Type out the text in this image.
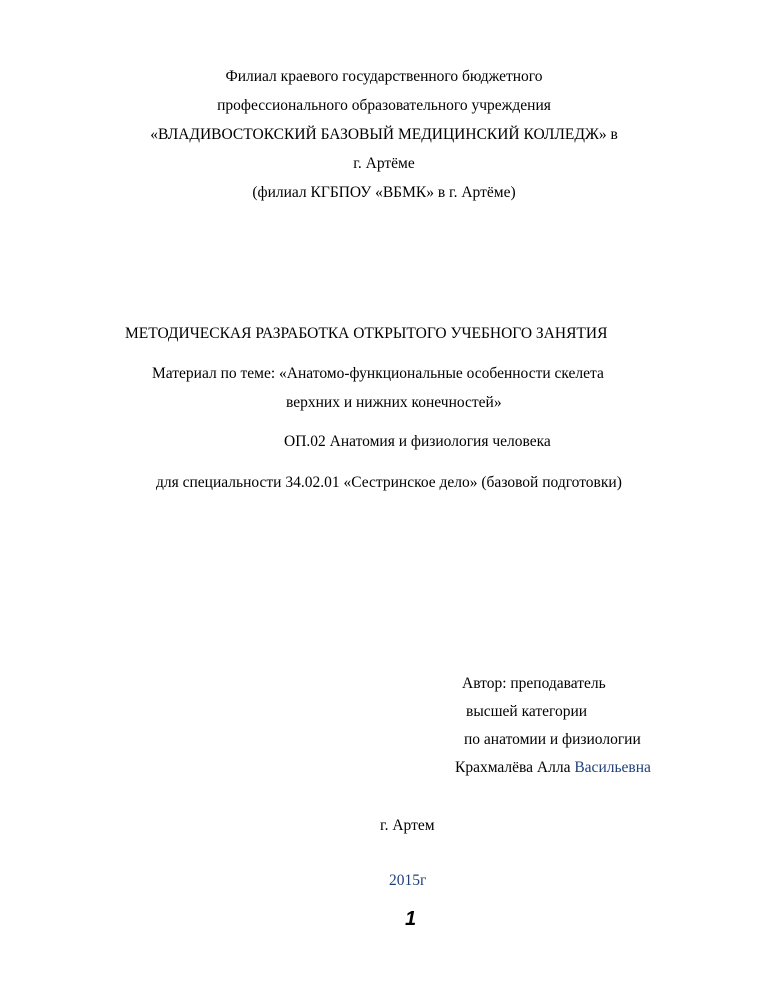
Филиал краевого государственного бюджетного
профессионального образовательного учреждения
«ВЛАДИВОСТОКСКИЙ БАЗОВЫЙ МЕДИЦИНСКИЙ КОЛЛЕДЖ» в
г. Артёме
(филиал КГБПОУ «ВБМК» в г. Артёме)
МЕТОДИЧЕСКАЯ РАЗРАБОТКА ОТКРЫТОГО УЧЕБНОГО ЗАНЯТИЯ
Материал по теме: «Анатомо-функциональные особенности скелета
верхних и нижних конечностей»
ОП.02 Анатомия и физиология человека
для специальности 34.02.01 «Сестринское дело» (базовой подготовки)
Автор: преподаватель
высшей категории
по анатомии и физиологии
Крахмалёва Алла Васильевна
г. Артем
2015г
1
